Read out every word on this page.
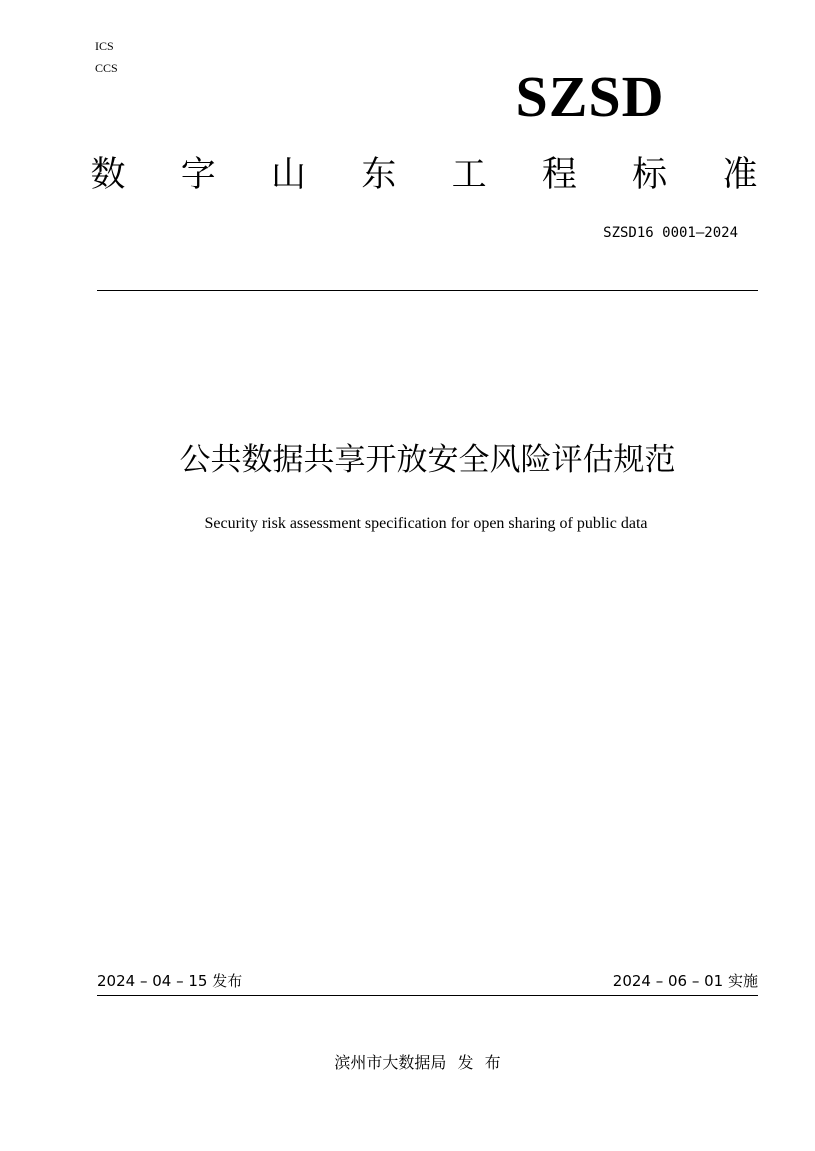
ICS
CCS	SZSD
数 字 山 东 工 程 标 准
SZSD16 0001—2024
公共数据共享开放安全风险评估规范
Security risk assessment specification for open sharing of public data
2024 – 04 – 15 发布	2024 – 06 – 01 实施
滨州市大数据局 发 布
